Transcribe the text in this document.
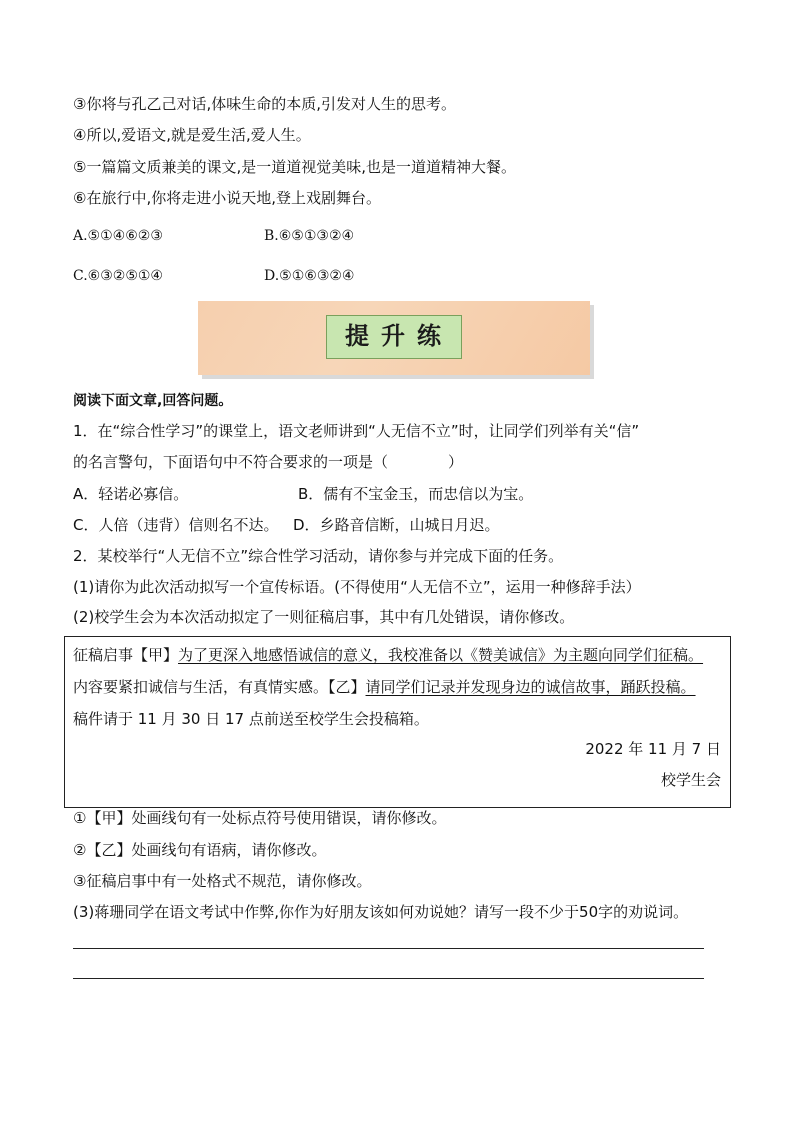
③你将与孔乙己对话,体味生命的本质,引发对人生的思考。
④所以,爱语文,就是爱生活,爱人生。
⑤一篇篇文质兼美的课文,是一道道视觉美味,也是一道道精神大餐。
⑥在旅行中,你将走进小说天地,登上戏剧舞台。
A.⑤①④⑥②③	B.⑥⑤①③②④
C.⑥③②⑤①④	D.⑤①⑥③②④
提升练
阅读下面文章,回答问题。
1．在“综合性学习”的课堂上，语文老师讲到“人无信不立”时，让同学们列举有关“信”
的名言警句，下面语句中不符合要求的一项是（　　　　）
A．轻诺必寡信。	B．儒有不宝金玉，而忠信以为宝。
C．人倍（违背）信则名不达。 D．乡路音信断，山城日月迟。
2．某校举行“人无信不立”综合性学习活动，请你参与并完成下面的任务。
(1)请你为此次活动拟写一个宣传标语。(不得使用“人无信不立”，运用一种修辞手法）
(2)校学生会为本次活动拟定了一则征稿启事，其中有几处错误，请你修改。
征稿启事【甲】为了更深入地感悟诚信的意义，我校准备以《赞美诚信》为主题向同学们征稿。
内容要紧扣诚信与生活，有真情实感。【乙】请同学们记录并发现身边的诚信故事，踊跃投稿。
稿件请于 11 月 30 日 17 点前送至校学生会投稿箱。
2022 年 11 月 7 日
校学生会
①【甲】处画线句有一处标点符号使用错误，请你修改。
②【乙】处画线句有语病，请你修改。
③征稿启事中有一处格式不规范，请你修改。
(3)蒋珊同学在语文考试中作弊,你作为好朋友该如何劝说她？请写一段不少于50字的劝说词。
